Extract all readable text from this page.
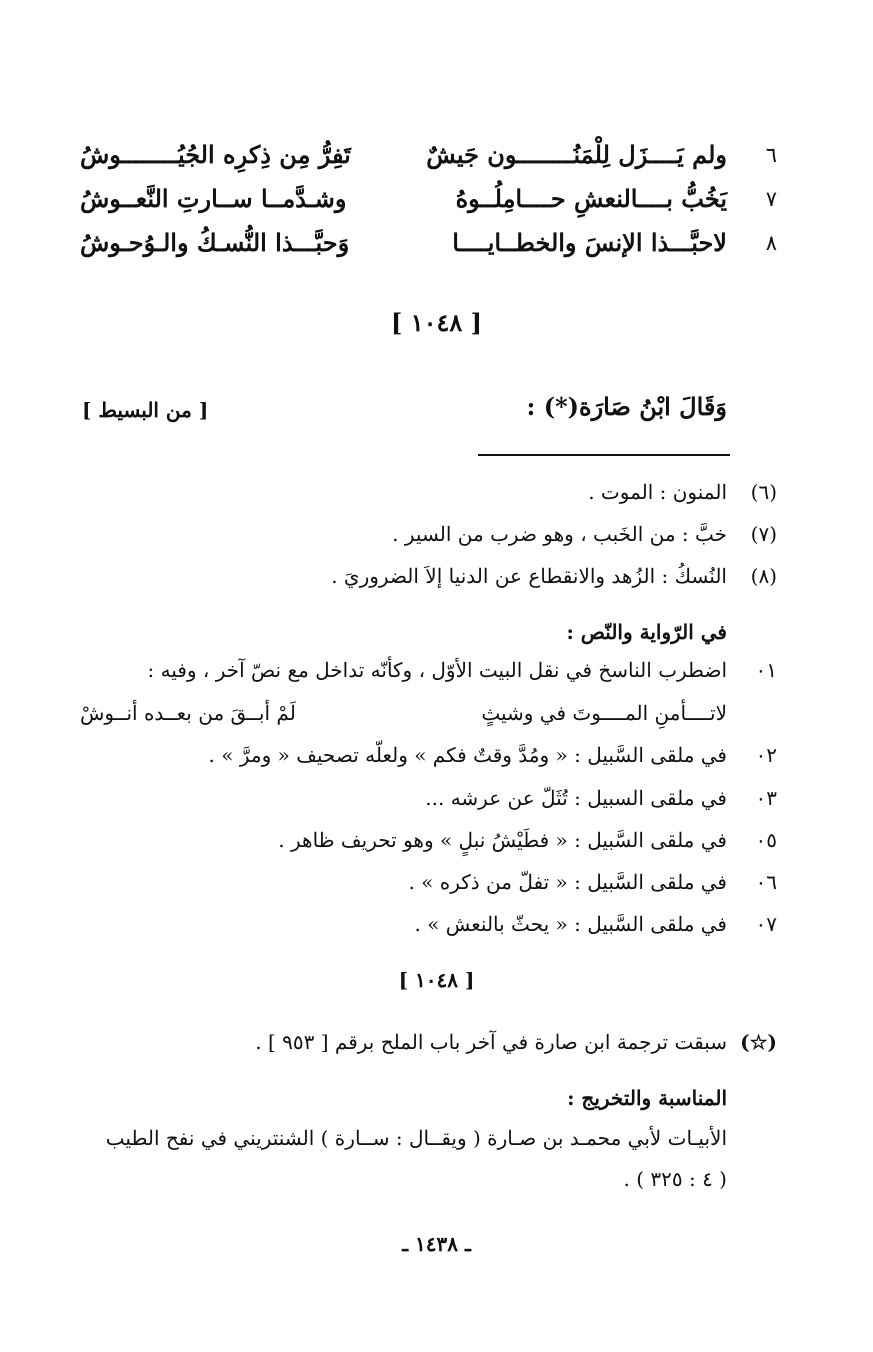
٦
ولم يَــــزَل لِلْمَنُــــــــون جَيشٌ
تَفِرُّ مِن ذِكرِه الجُيُــــــــوشُ
٧
يَخُبُّ بــــالنعشِ حــــامِلُــوهُ
وشـدَّمــا ســارتِ النَّعــوشُ
٨
لاحبَّـــذا الإنسَ والخطــايــــا
وَحبَّـــذا النُّسـكُ والـوُحـوشُ
[ ١٠٤٨ ]
وَقَالَ ابْنُ صَارَة(*) :
[ من البسيط ]
(٦)
المنون : الموت .
(٧)
خبَّ : من الخَبب ، وهو ضرب من السير .
(٨)
النُسكُ : الزُهد والانقطاع عن الدنيا إلاَ الضروريَ .
في الرّواية والنّص :
٠١
اضطرب الناسخ في نقل البيت الأوّل ، وكأنّه تداخل مع نصّ آخر ، وفيه :
لاتــــأمنِ المــــوتَ في وشيثٍ
لَمْ أبــقَ من بعــده أنــوشْ
٠٢
في ملقى السَّبيل : « ومُدَّ وقتٌ فكم » ولعلّه تصحيف « ومرَّ » .
٠٣
في ملقى السبيل : تُثَلّ عن عرشه ...
٠٥
في ملقى السَّبيل : « فطَيْشُ نبلٍ » وهو تحريف ظاهر .
٠٦
في ملقى السَّبيل : « تفلّ من ذكره » .
٠٧
في ملقى السَّبيل : « يحثّ بالنعش » .
[ ١٠٤٨ ]
(☆)
سبقت ترجمة ابن صارة في آخر باب الملح برقم [ ٩٥٣ ] .
المناسبة والتخريج :
الأبيـات لأبي محمـد بن صـارة ( ويقــال : ســارة ) الشنتريني في نفح الطيب
( ٤ : ٣٢٥ ) .
ـ ١٤٣٨ ـ
